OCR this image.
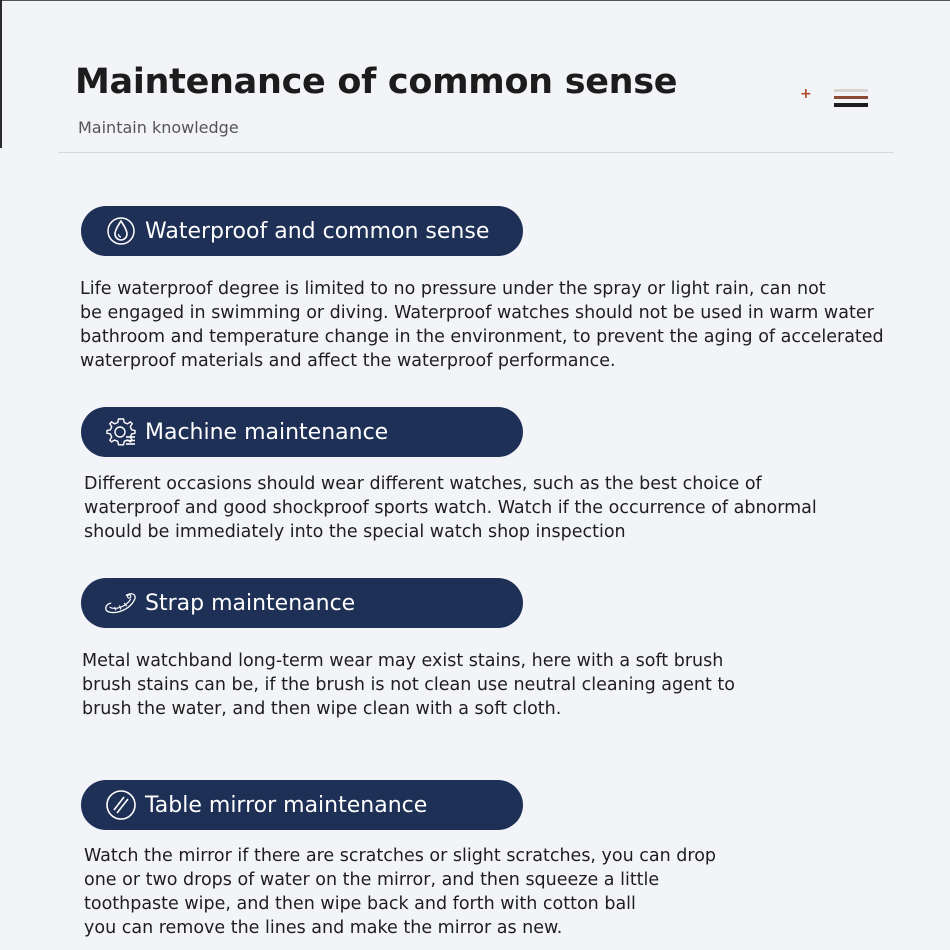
Maintenance of common sense
Maintain knowledge
+
Waterproof and common sense
Life waterproof degree is limited to no pressure under the spray or light rain, can not
be engaged in swimming or diving. Waterproof watches should not be used in warm water
bathroom and temperature change in the environment, to prevent the aging of accelerated
waterproof materials and affect the waterproof performance.
Machine maintenance
Different occasions should wear different watches, such as the best choice of
waterproof and good shockproof sports watch. Watch if the occurrence of abnormal
should be immediately into the special watch shop inspection
Strap maintenance
Metal watchband long-term wear may exist stains, here with a soft brush
brush stains can be, if the brush is not clean use neutral cleaning agent to
brush the water, and then wipe clean with a soft cloth.
Table mirror maintenance
Watch the mirror if there are scratches or slight scratches, you can drop
one or two drops of water on the mirror, and then squeeze a little
toothpaste wipe, and then wipe back and forth with cotton ball
you can remove the lines and make the mirror as new.
